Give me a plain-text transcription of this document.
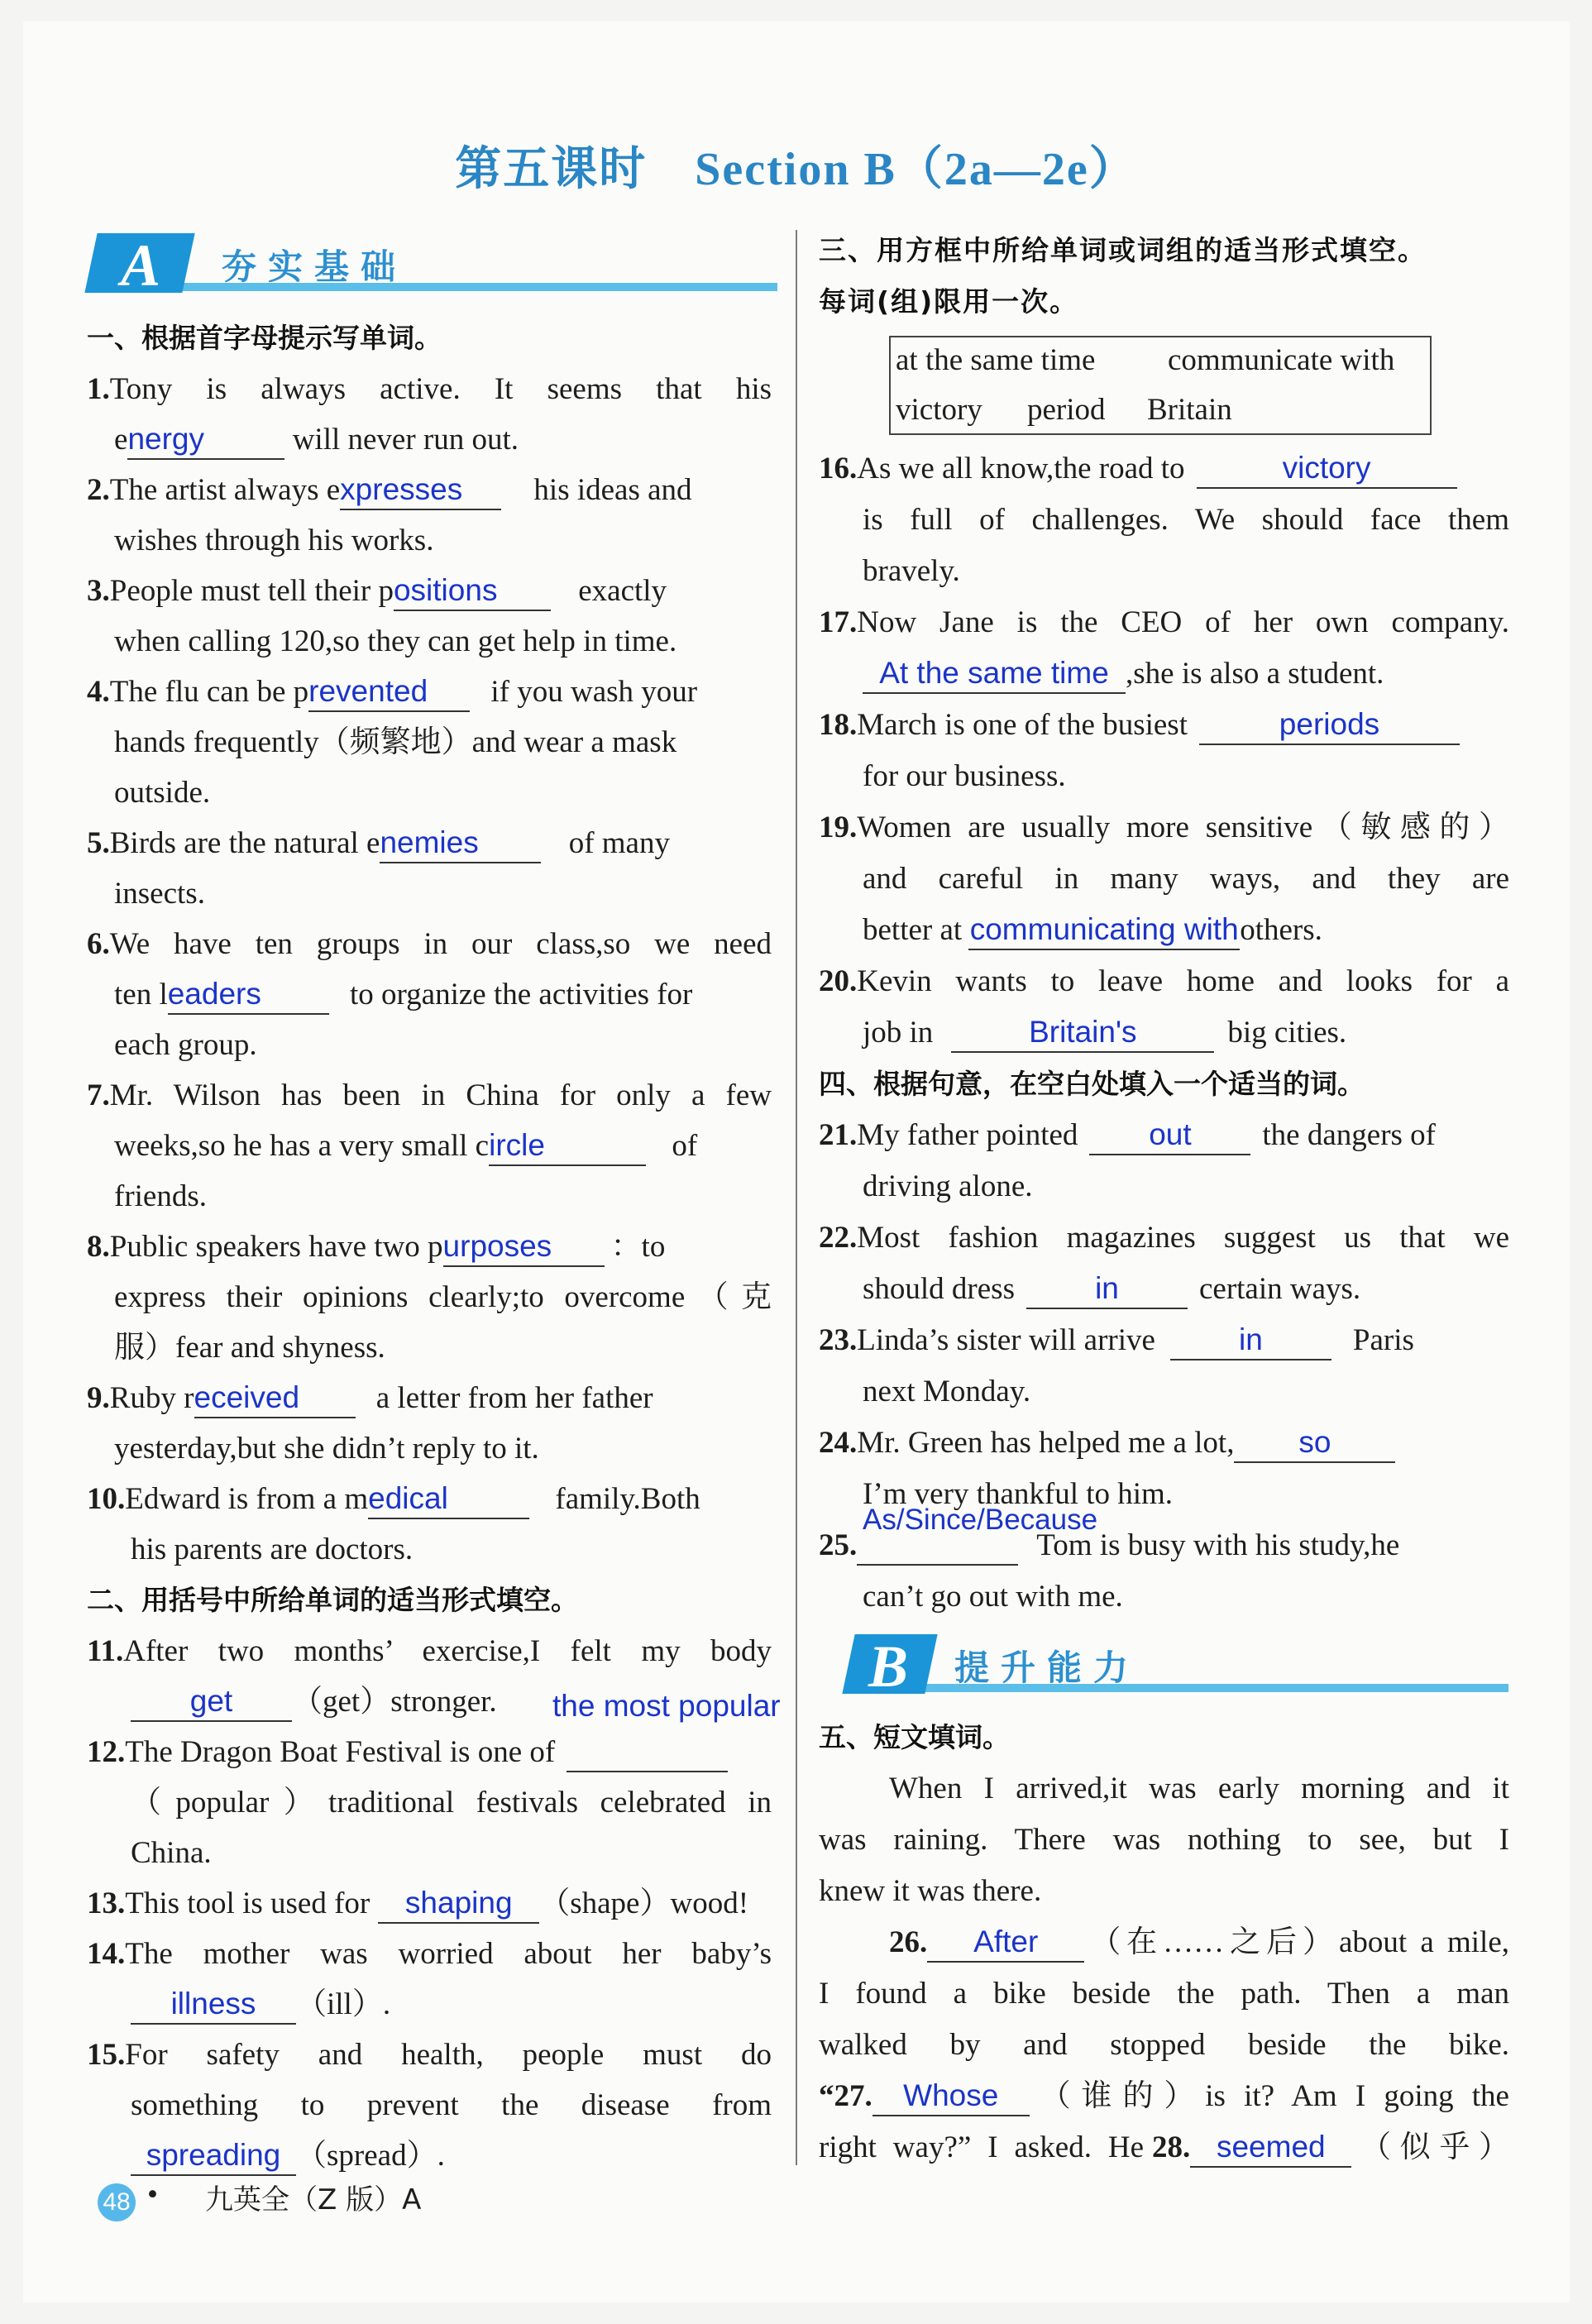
第五课时　Section B（2a—2e）
A 夯实基础
一、根据首字母提示写单词。
1.Tony is always active. It seems that his
energy	will never run out.
2.The artist always expresses his ideas and
wishes through his works.
3.People must tell their positions exactly
when calling 120,so they can get help in time.
4.The flu can be prevented if you wash your
hands frequently（频繁地）and wear a mask
outside.
5.Birds are the natural enemies	of many
insects.
6.We have ten groups in our class,so we need
ten leaders	to organize the activities for
each group.
7.Mr. Wilson has been in China for only a few
weeks,so he has a very small circle	of
friends.
8.Public speakers have two purposes ：to
express their opinions clearly;to overcome（克
服）fear and shyness.
9.Ruby received a letter from her father
yesterday,but she didn’t reply to it.
10.Edward is from a medical	family.Both
his parents are doctors.
二、用括号中所给单词的适当形式填空。
11.After two months’ exercise,I felt my body
get （get）stronger.	the most popular
12.The Dragon Boat Festival is one of
（popular）traditional festivals celebrated in
China.
13.This tool is used for shaping （shape）wood!
14.The mother was worried about her baby’s
illness （ill）.
15.For safety and health, people must do
something to prevent the disease from
spreading （spread）.
三、用方框中所给单词或词组的适当形式填空。
每词(组)限用一次。
at the same time communicate with
victory period Britain
16.As we all know,the road to	victory
is full of challenges. We should face them
bravely.
17.Now Jane is the CEO of her own company.
At the same time ,she is also a student.
18.March is one of the busiest	periods
for our business.
19.Women are usually more sensitive（敏感的）
and careful in many ways, and they are
better at communicating withothers.
20.Kevin wants to leave home and looks for a
job in	Britain's	big cities.
四、根据句意，在空白处填入一个适当的词。
21.My father pointed out the dangers of
driving alone.
22.Most fashion magazines suggest us that we
should dress	in	certain ways.
23.Linda’s sister will arrive	in	Paris
next Monday.
24.Mr. Green has helped me a lot, so
I’m very thankful to him.
As/Since/Because
25.	Tom is busy with his study,he
can’t go out with me.
B 提升能力
五、短文填词。
When I arrived,it was early morning and it
was raining. There was nothing to see, but I
knew it was there.
26. After （在……之后）about a mile,
I found a bike beside the path. Then a man
walked by and stopped beside the bike.
“27. Whose （谁的）is it? Am I going the
right way?” I asked. He 28. seemed （似乎）
48 • 九英全（Z 版）A
